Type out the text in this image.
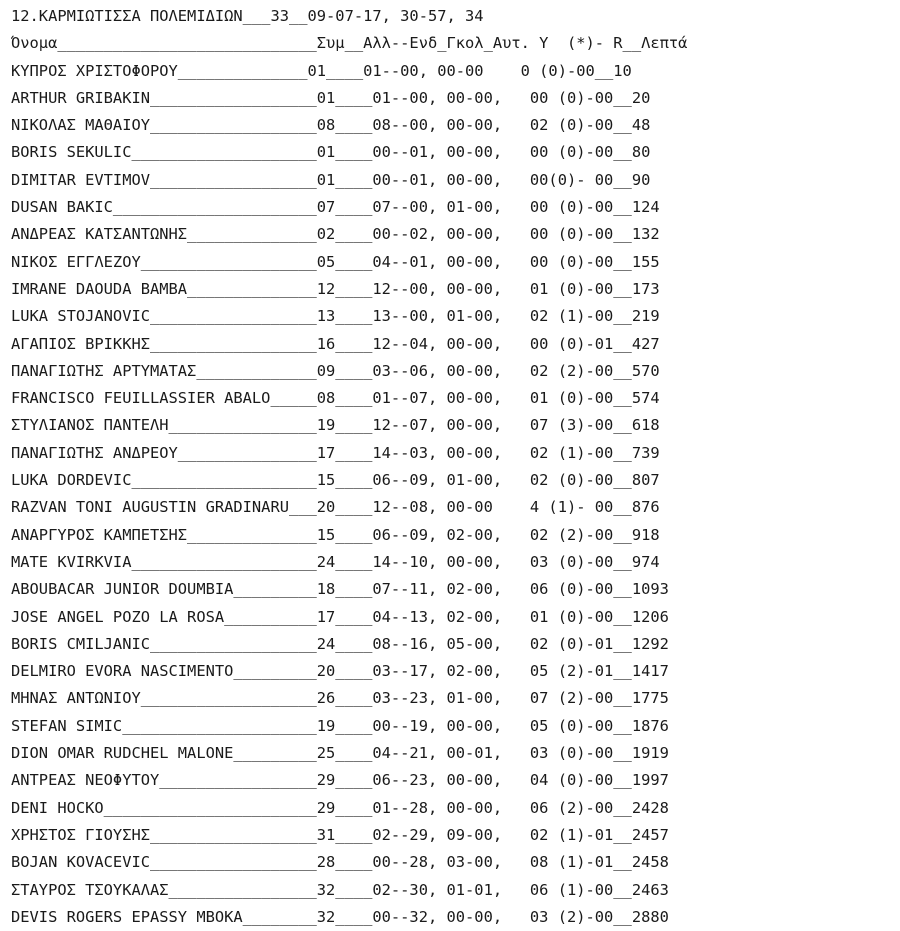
12.ΚΑΡΜΙΩΤΙΣΣΑ ΠΟΛΕΜΙΔΙΩΝ___33__09-07-17, 30-57, 34
Όνομα____________________________Συμ__Αλλ--Ενδ_Γκολ_Αυτ. Υ  (*)- R__Λεπτά
ΚΥΠΡΟΣ ΧΡΙΣΤΟΦΟΡΟΥ______________01____01--00, 00-00    0 (0)-00__10
ARTHUR GRIBAKIN__________________01____01--00, 00-00,   00 (0)-00__20
ΝΙΚΟΛΑΣ ΜΑΘΑΙΟΥ__________________08____08--00, 00-00,   02 (0)-00__48
BORIS SEKULIC____________________01____00--01, 00-00,   00 (0)-00__80
DIMITAR EVTIMOV__________________01____00--01, 00-00,   00(0)- 00__90
DUSAN BAKIC______________________07____07--00, 01-00,   00 (0)-00__124
ΑΝΔΡΕΑΣ ΚΑΤΣΑΝΤΩΝΗΣ______________02____00--02, 00-00,   00 (0)-00__132
ΝΙΚΟΣ ΕΓΓΛΕΖΟΥ___________________05____04--01, 00-00,   00 (0)-00__155
IMRANE DAOUDA BAMBA______________12____12--00, 00-00,   01 (0)-00__173
LUKA STOJANOVIC__________________13____13--00, 01-00,   02 (1)-00__219
ΑΓΑΠΙΟΣ ΒΡΙΚΚΗΣ__________________16____12--04, 00-00,   00 (0)-01__427
ΠΑΝΑΓΙΩΤΗΣ ΑΡΤΥΜΑΤΑΣ_____________09____03--06, 00-00,   02 (2)-00__570
FRANCISCO FEUILLASSIER ABALO_____08____01--07, 00-00,   01 (0)-00__574
ΣΤΥΛΙΑΝΟΣ ΠΑΝΤΕΛΗ________________19____12--07, 00-00,   07 (3)-00__618
ΠΑΝΑΓΙΩΤΗΣ ΑΝΔΡΕΟΥ_______________17____14--03, 00-00,   02 (1)-00__739
LUKA DORDEVIC____________________15____06--09, 01-00,   02 (0)-00__807
RAZVAN TONI AUGUSTIN GRADINARU___20____12--08, 00-00    4 (1)- 00__876
ΑΝΑΡΓΥΡΟΣ ΚΑΜΠΕΤΣΗΣ______________15____06--09, 02-00,   02 (2)-00__918
MATE KVIRKVIA____________________24____14--10, 00-00,   03 (0)-00__974
ABOUBACAR JUNIOR DOUMBIA_________18____07--11, 02-00,   06 (0)-00__1093
JOSE ANGEL POZO LA ROSA__________17____04--13, 02-00,   01 (0)-00__1206
BORIS CMILJANIC__________________24____08--16, 05-00,   02 (0)-01__1292
DELMIRO EVORA NASCIMENTO_________20____03--17, 02-00,   05 (2)-01__1417
ΜΗΝΑΣ ΑΝΤΩΝΙΟΥ___________________26____03--23, 01-00,   07 (2)-00__1775
STEFAN SIMIC_____________________19____00--19, 00-00,   05 (0)-00__1876
DION OMAR RUDCHEL MALONE_________25____04--21, 00-01,   03 (0)-00__1919
ΑΝΤΡΕΑΣ ΝΕΟΦΥΤΟΥ_________________29____06--23, 00-00,   04 (0)-00__1997
DENI HOCKO_______________________29____01--28, 00-00,   06 (2)-00__2428
ΧΡΗΣΤΟΣ ΓΙΟΥΣΗΣ__________________31____02--29, 09-00,   02 (1)-01__2457
BOJAN KOVACEVIC__________________28____00--28, 03-00,   08 (1)-01__2458
ΣΤΑΥΡΟΣ ΤΣΟΥΚΑΛΑΣ________________32____02--30, 01-01,   06 (1)-00__2463
DEVIS ROGERS EPASSY MBOKA________32____00--32, 00-00,   03 (2)-00__2880
